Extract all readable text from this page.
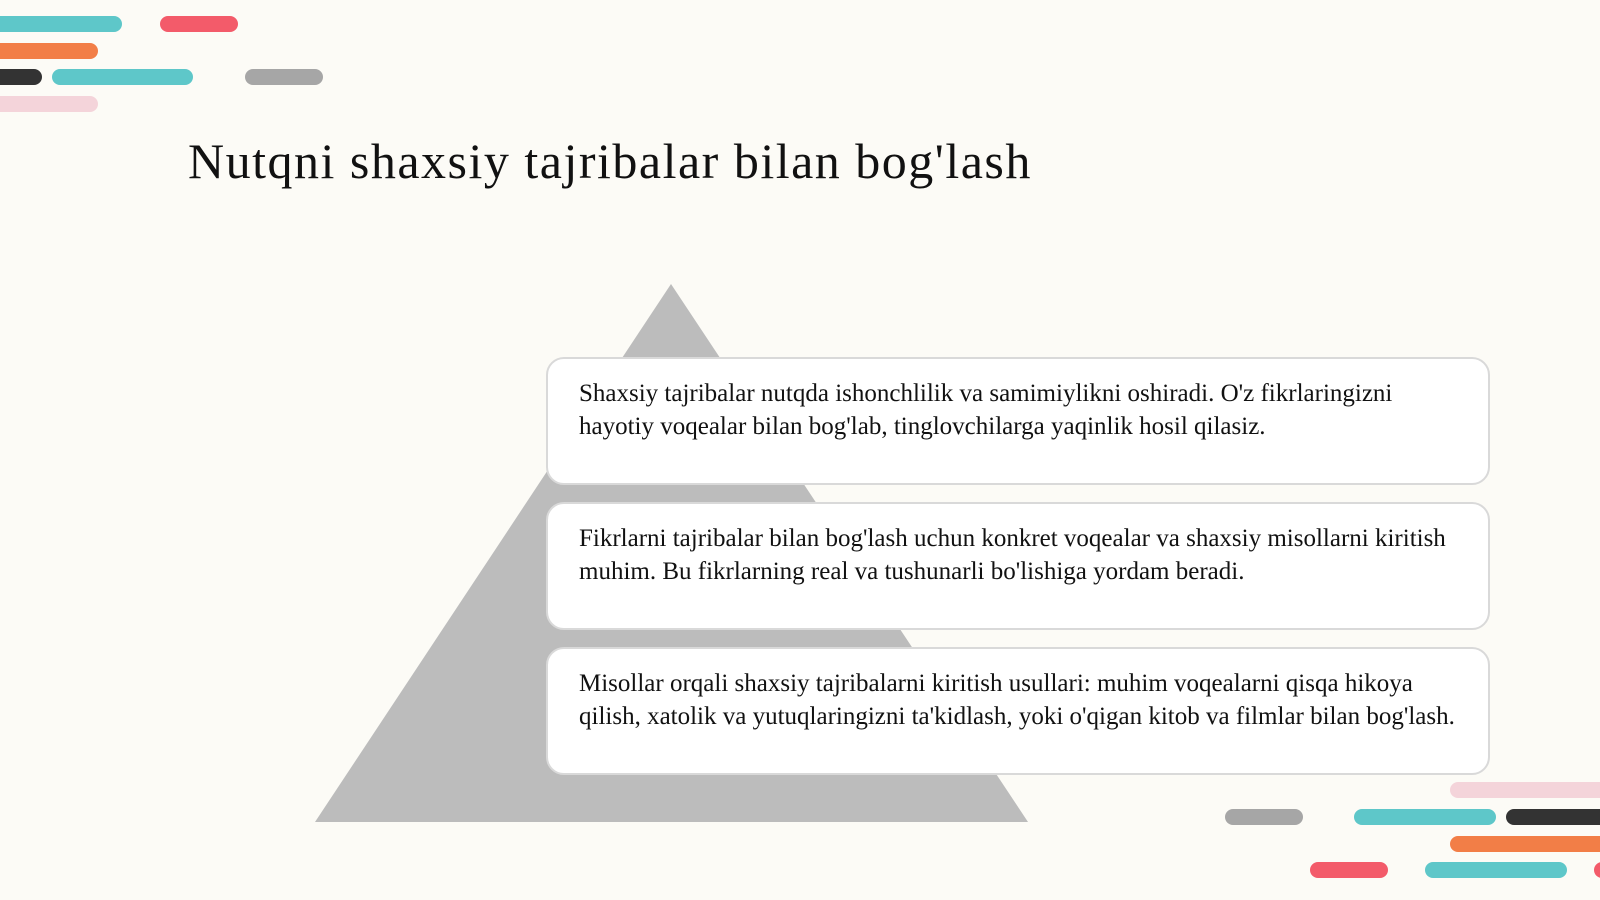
Nutqni shaxsiy tajribalar bilan bog'lash
Shaxsiy tajribalar nutqda ishonchlilik va samimiylikni oshiradi. O'z fikrlaringizni hayotiy voqealar bilan bog'lab, tinglovchilarga yaqinlik hosil qilasiz.
Fikrlarni tajribalar bilan bog'lash uchun konkret voqealar va shaxsiy misollarni kiritish muhim. Bu fikrlarning real va tushunarli bo'lishiga yordam beradi.
Misollar orqali shaxsiy tajribalarni kiritish usullari: muhim voqealarni qisqa hikoya qilish, xatolik va yutuqlaringizni ta'kidlash, yoki o'qigan kitob va filmlar bilan bog'lash.
